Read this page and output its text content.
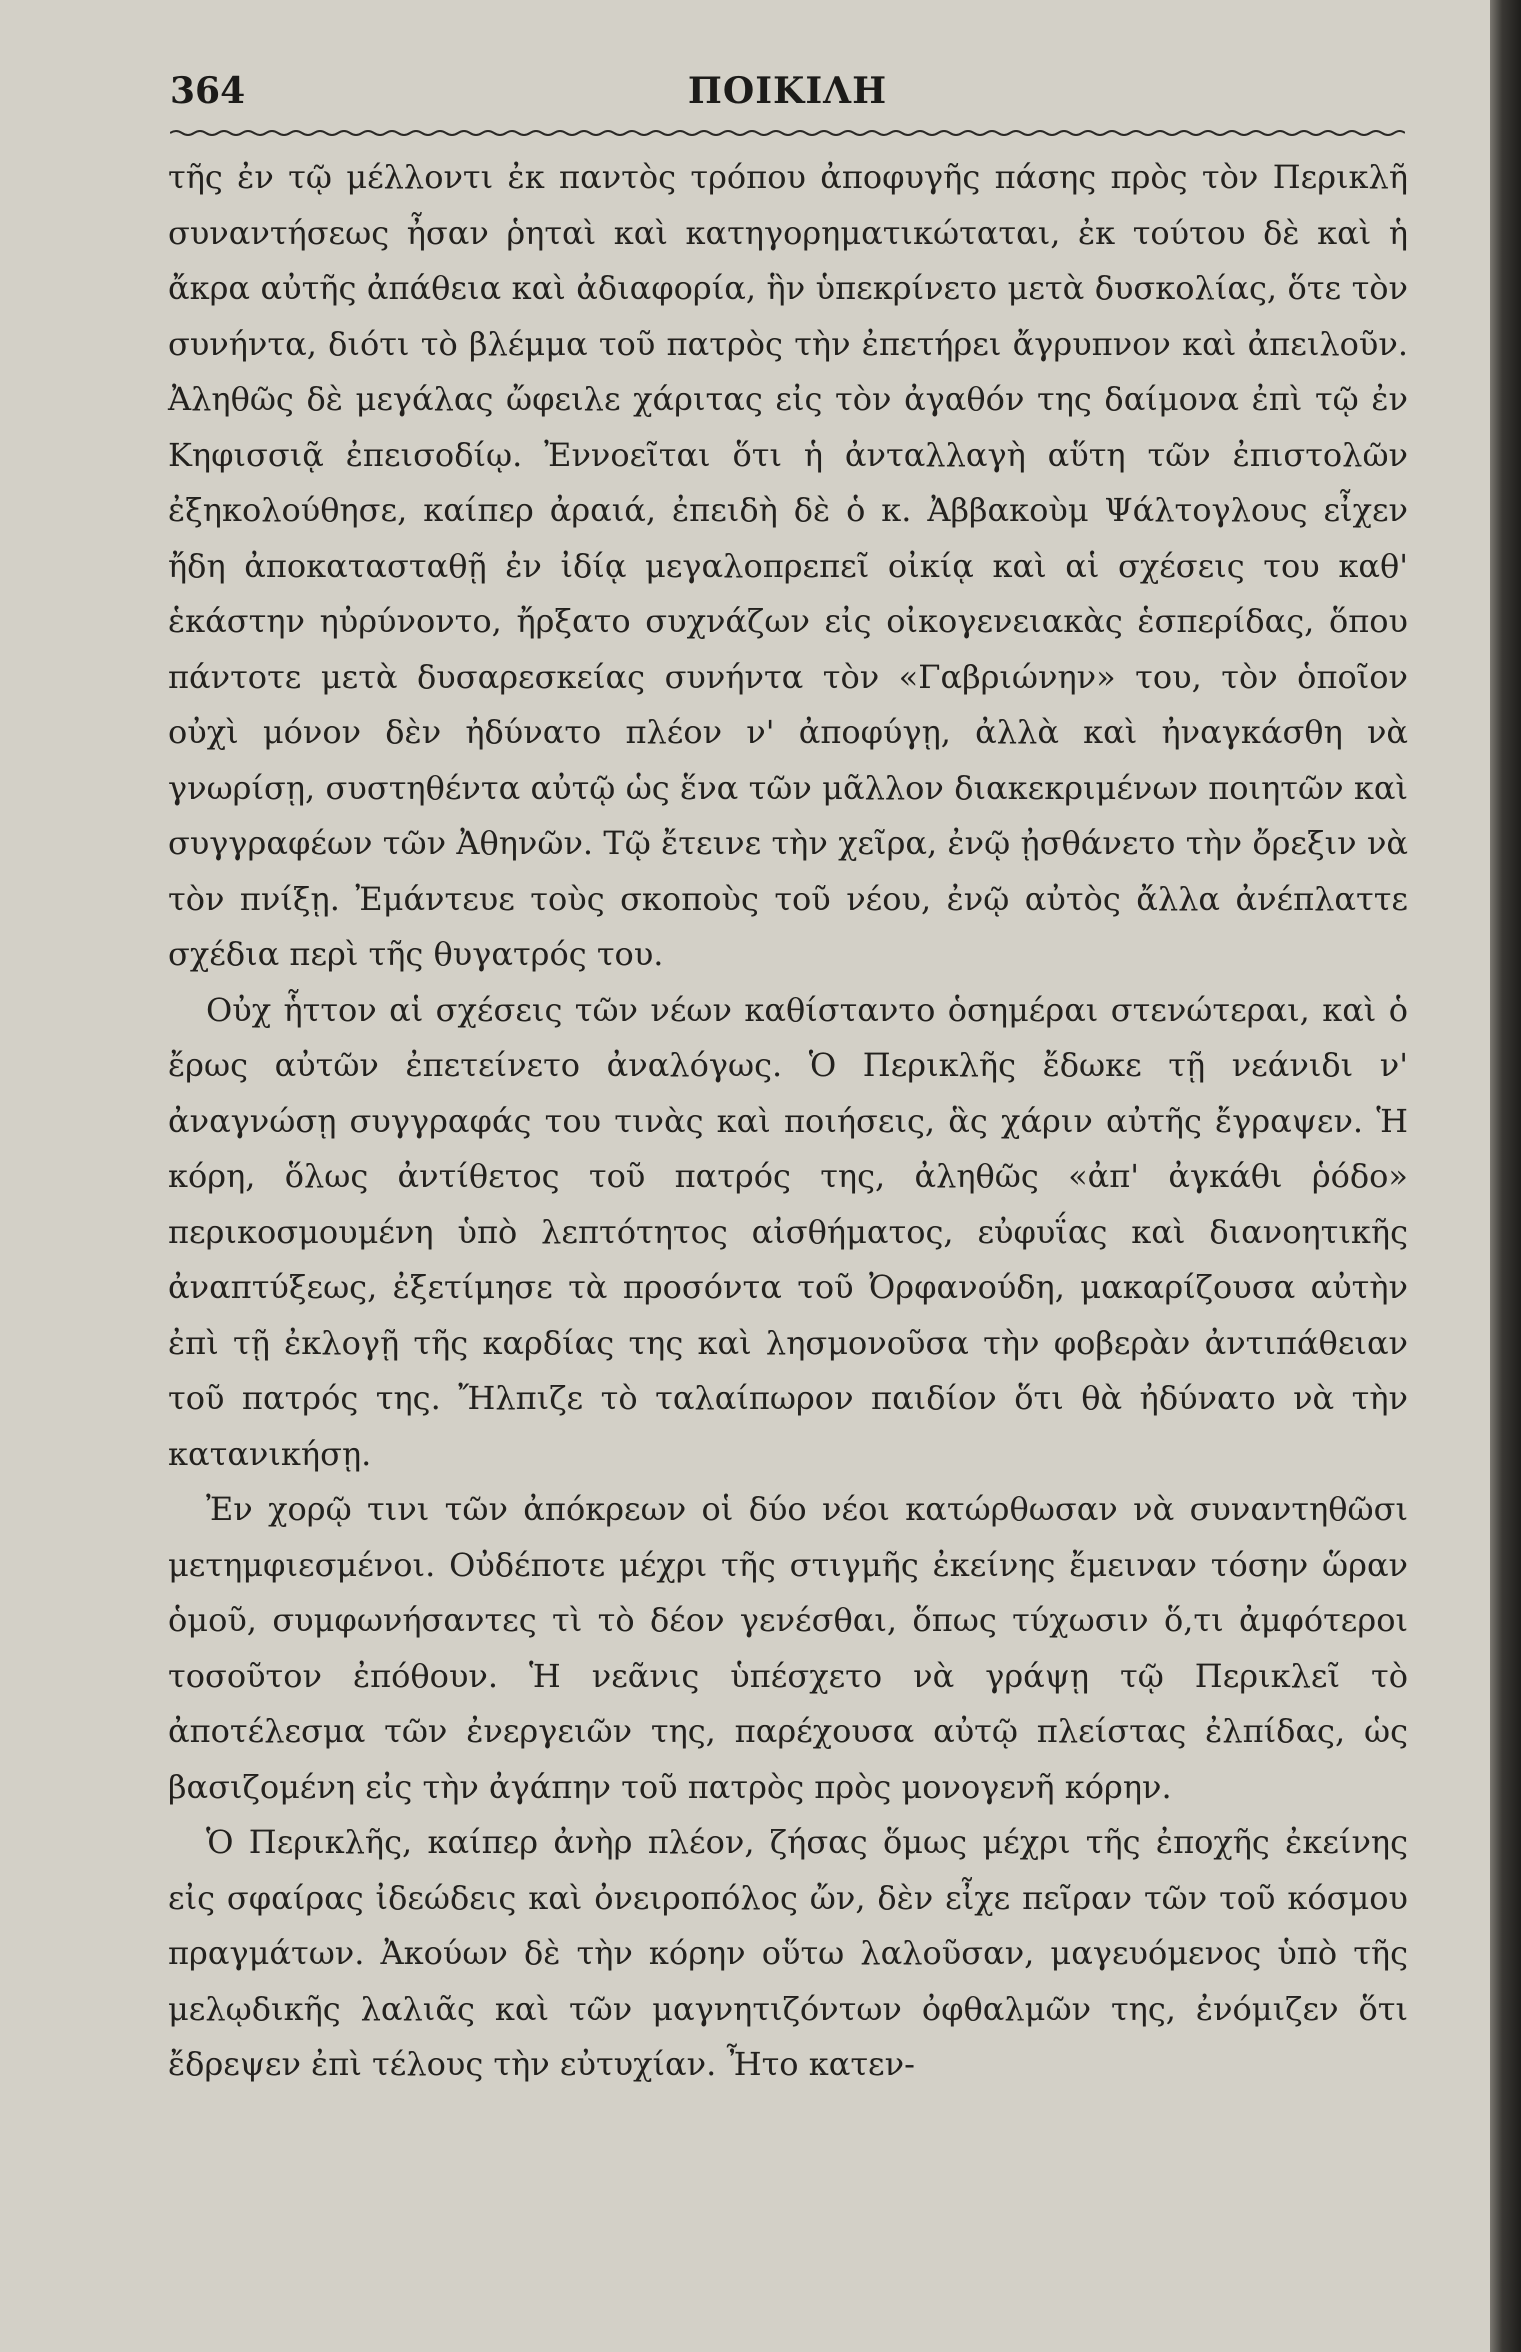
364	ΠΟΙΚΙΛΗ

τῆς ἐν τῷ μέλλοντι ἐκ παντὸς τρόπου ἀποφυγῆς πάσης πρὸς τὸν Περικλῆ συναντήσεως ἦσαν ῥηταὶ καὶ κατηγορηματικώταται, ἐκ τούτου δὲ καὶ ἡ ἄκρα αὐτῆς ἀπάθεια καὶ ἀδιαφορία, ἣν ὑπεκρίνετο μετὰ δυσκολίας, ὅτε τὸν συνήντα, διότι τὸ βλέμμα τοῦ πατρὸς τὴν ἐπετήρει ἄγρυπνον καὶ ἀπειλοῦν. Ἀληθῶς δὲ μεγάλας ὤφειλε χάριτας εἰς τὸν ἀγαθόν της δαίμονα ἐπὶ τῷ ἐν Κηφισσιᾷ ἐπεισοδίῳ. Ἐννοεῖται ὅτι ἡ ἀνταλλαγὴ αὕτη τῶν ἐπιστολῶν ἐξηκολούθησε, καίπερ ἀραιά, ἐπειδὴ δὲ ὁ κ. Ἀββακοὺμ Ψάλτογλους εἶχεν ἤδη ἀποκατασταθῇ ἐν ἰδίᾳ μεγαλοπρεπεῖ οἰκίᾳ καὶ αἱ σχέσεις του καθ' ἑκάστην ηὐρύνοντο, ἤρξατο συχνάζων εἰς οἰκογενειακὰς ἑσπερίδας, ὅπου πάντοτε μετὰ δυσαρεσκείας συνήντα τὸν «Γαβριώνην» του, τὸν ὁποῖον οὐχὶ μόνον δὲν ἠδύνατο πλέον ν' ἀποφύγῃ, ἀλλὰ καὶ ἠναγκάσθη νὰ γνωρίσῃ, συστηθέντα αὐτῷ ὡς ἕνα τῶν μᾶλλον διακεκριμένων ποιητῶν καὶ συγγραφέων τῶν Ἀθηνῶν. Τῷ ἔτεινε τὴν χεῖρα, ἐνῷ ᾐσθάνετο τὴν ὄρεξιν νὰ τὸν πνίξῃ. Ἐμάντευε τοὺς σκοποὺς τοῦ νέου, ἐνῷ αὐτὸς ἄλλα ἀνέπλαττε σχέδια περὶ τῆς θυγατρός του.

Οὐχ ἧττον αἱ σχέσεις τῶν νέων καθίσταντο ὁσημέραι στενώτεραι, καὶ ὁ ἔρως αὐτῶν ἐπετείνετο ἀναλόγως. Ὁ Περικλῆς ἔδωκε τῇ νεάνιδι ν' ἀναγνώσῃ συγγραφάς του τινὰς καὶ ποιήσεις, ἃς χάριν αὐτῆς ἔγραψεν. Ἡ κόρη, ὅλως ἀντίθετος τοῦ πατρός της, ἀληθῶς «ἀπ' ἀγκάθι ῥόδο» περικοσμουμένη ὑπὸ λεπτότητος αἰσθήματος, εὐφυΐας καὶ διανοητικῆς ἀναπτύξεως, ἐξετίμησε τὰ προσόντα τοῦ Ὀρφανούδη, μακαρίζουσα αὐτὴν ἐπὶ τῇ ἐκλογῇ τῆς καρδίας της καὶ λησμονοῦσα τὴν φοβερὰν ἀντιπάθειαν τοῦ πατρός της. Ἤλπιζε τὸ ταλαίπωρον παιδίον ὅτι θὰ ἠδύνατο νὰ τὴν κατανικήσῃ.

Ἐν χορῷ τινι τῶν ἀπόκρεων οἱ δύο νέοι κατώρθωσαν νὰ συναντηθῶσι μετημφιεσμένοι. Οὐδέποτε μέχρι τῆς στιγμῆς ἐκείνης ἔμειναν τόσην ὥραν ὁμοῦ, συμφωνήσαντες τὶ τὸ δέον γενέσθαι, ὅπως τύχωσιν ὅ,τι ἀμφότεροι τοσοῦτον ἐπόθουν. Ἡ νεᾶνις ὑπέσχετο νὰ γράψῃ τῷ Περικλεῖ τὸ ἀποτέλεσμα τῶν ἐνεργειῶν της, παρέχουσα αὐτῷ πλείστας ἐλπίδας, ὡς βασιζομένη εἰς τὴν ἀγάπην τοῦ πατρὸς πρὸς μονογενῆ κόρην.

Ὁ Περικλῆς, καίπερ ἀνὴρ πλέον, ζήσας ὅμως μέχρι τῆς ἐποχῆς ἐκείνης εἰς σφαίρας ἰδεώδεις καὶ ὀνειροπόλος ὤν, δὲν εἶχε πεῖραν τῶν τοῦ κόσμου πραγμάτων. Ἀκούων δὲ τὴν κόρην οὕτω λαλοῦσαν, μαγευόμενος ὑπὸ τῆς μελῳδικῆς λαλιᾶς καὶ τῶν μαγνητιζόντων ὀφθαλμῶν της, ἐνόμιζεν ὅτι ἔδρεψεν ἐπὶ τέλους τὴν εὐτυχίαν. Ἦτο κατεν-
